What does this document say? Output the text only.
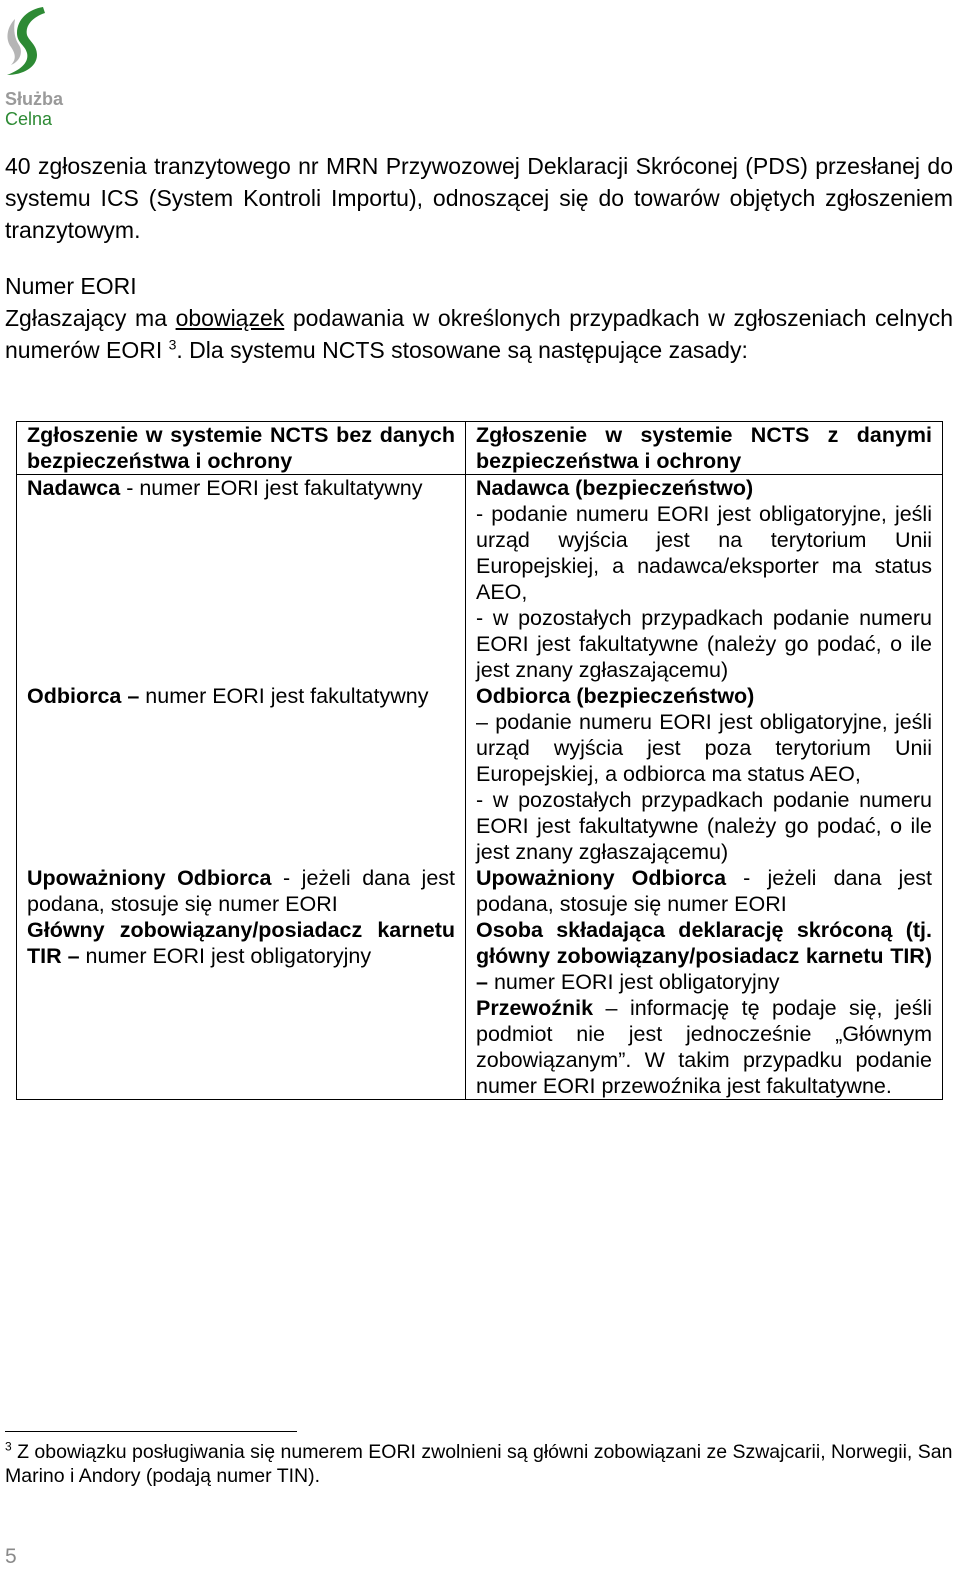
Służba
Celna
40 zgłoszenia tranzytowego nr MRN Przywozowej Deklaracji Skróconej (PDS) przesłanej do systemu ICS (System Kontroli Importu), odnoszącej się do towarów objętych zgłoszeniem tranzytowym.
Numer EORI
Zgłaszający ma obowiązek podawania w określonych przypadkach w zgłoszeniach celnych numerów EORI $^3$. Dla systemu NCTS stosowane są następujące zasady:
Zgłoszenie w systemie NCTS bez danych bezpieczeństwa i ochrony	Zgłoszenie w systemie NCTS z danymi bezpieczeństwa i ochrony
Nadawca - numer EORI jest fakultatywny	Nadawca (bezpieczeństwo)
- podanie numeru EORI jest obligatoryjne, jeśli urząd wyjścia jest na terytorium Unii Europejskiej, a nadawca/eksporter ma status AEO,
- w pozostałych przypadkach podanie numeru EORI jest fakultatywne (należy go podać, o ile jest znany zgłaszającemu)

Odbiorca – numer EORI jest fakultatywny	Odbiorca (bezpieczeństwo)
– podanie numeru EORI jest obligatoryjne, jeśli urząd wyjścia jest poza terytorium Unii Europejskiej, a odbiorca ma status AEO,
- w pozostałych przypadkach podanie numeru EORI jest fakultatywne (należy go podać, o ile jest znany zgłaszającemu)

Upoważniony Odbiorca - jeżeli dana jest podana, stosuje się numer EORI	Upoważniony Odbiorca - jeżeli dana jest podana, stosuje się numer EORI
Główny zobowiązany/posiadacz karnetu TIR – numer EORI jest obligatoryjny	Osoba składająca deklarację skróconą (tj. główny zobowiązany/posiadacz karnetu TIR) – numer EORI jest obligatoryjny
Przewoźnik – informację tę podaje się, jeśli podmiot nie jest jednocześnie „Głównym zobowiązanym”. W takim przypadku podanie numer EORI przewoźnika jest fakultatywne.
$^3$ Z obowiązku posługiwania się numerem EORI zwolnieni są główni zobowiązani ze Szwajcarii, Norwegii, San Marino i Andory (podają numer TIN).
5
